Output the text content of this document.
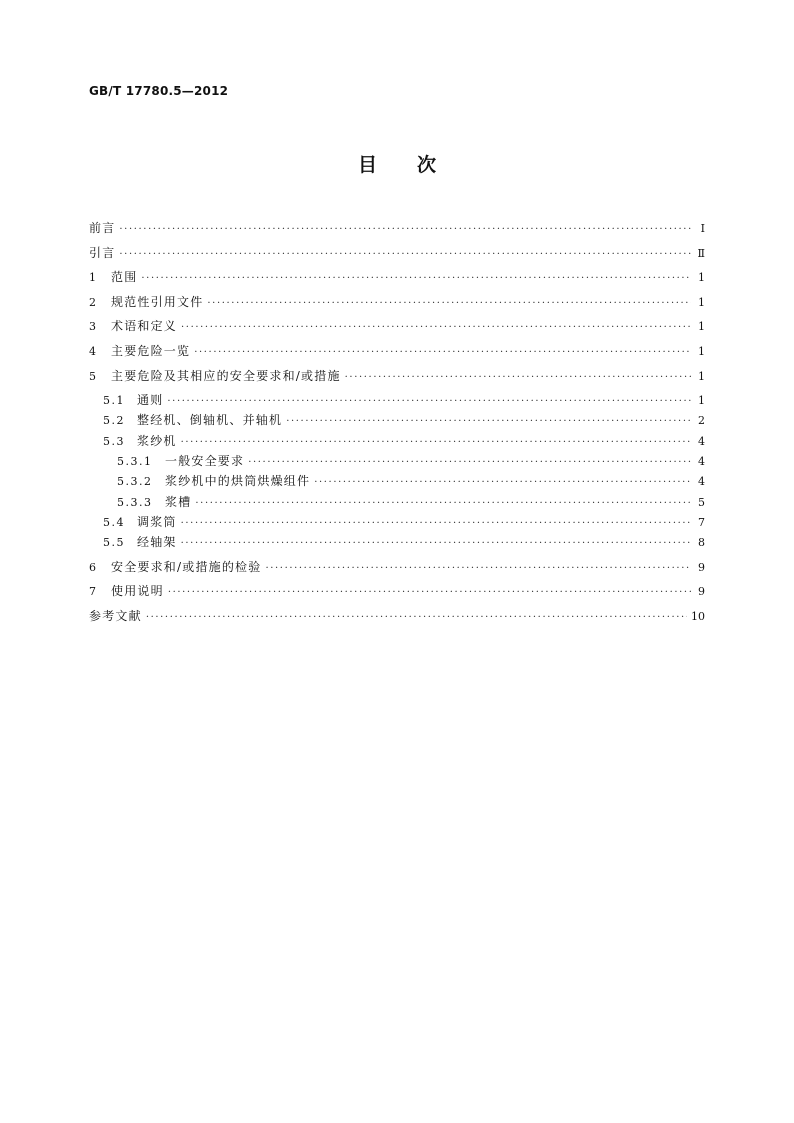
GB/T 17780.5—2012
目次
前言 ·····	Ⅰ
引言 ·····	Ⅱ
1	范围 ·····	1
2	规范性引用文件 ·····	1
3	术语和定义 ·····	1
4	主要危险一览 ·····	1
5	主要危险及其相应的安全要求和/或措施 ·····	1
5.1	通则 ·····	1
5.2	整经机、倒轴机、并轴机 ·····	2
5.3	浆纱机 ·····	4
5.3.1	一般安全要求 ·····	4
5.3.2	浆纱机中的烘筒烘燥组件 ·····	4
5.3.3	浆槽 ·····	5
5.4	调浆筒 ·····	7
5.5	经轴架 ·····	8
6	安全要求和/或措施的检验 ·····	9
7	使用说明 ·····	9
参考文献 ·····	10
